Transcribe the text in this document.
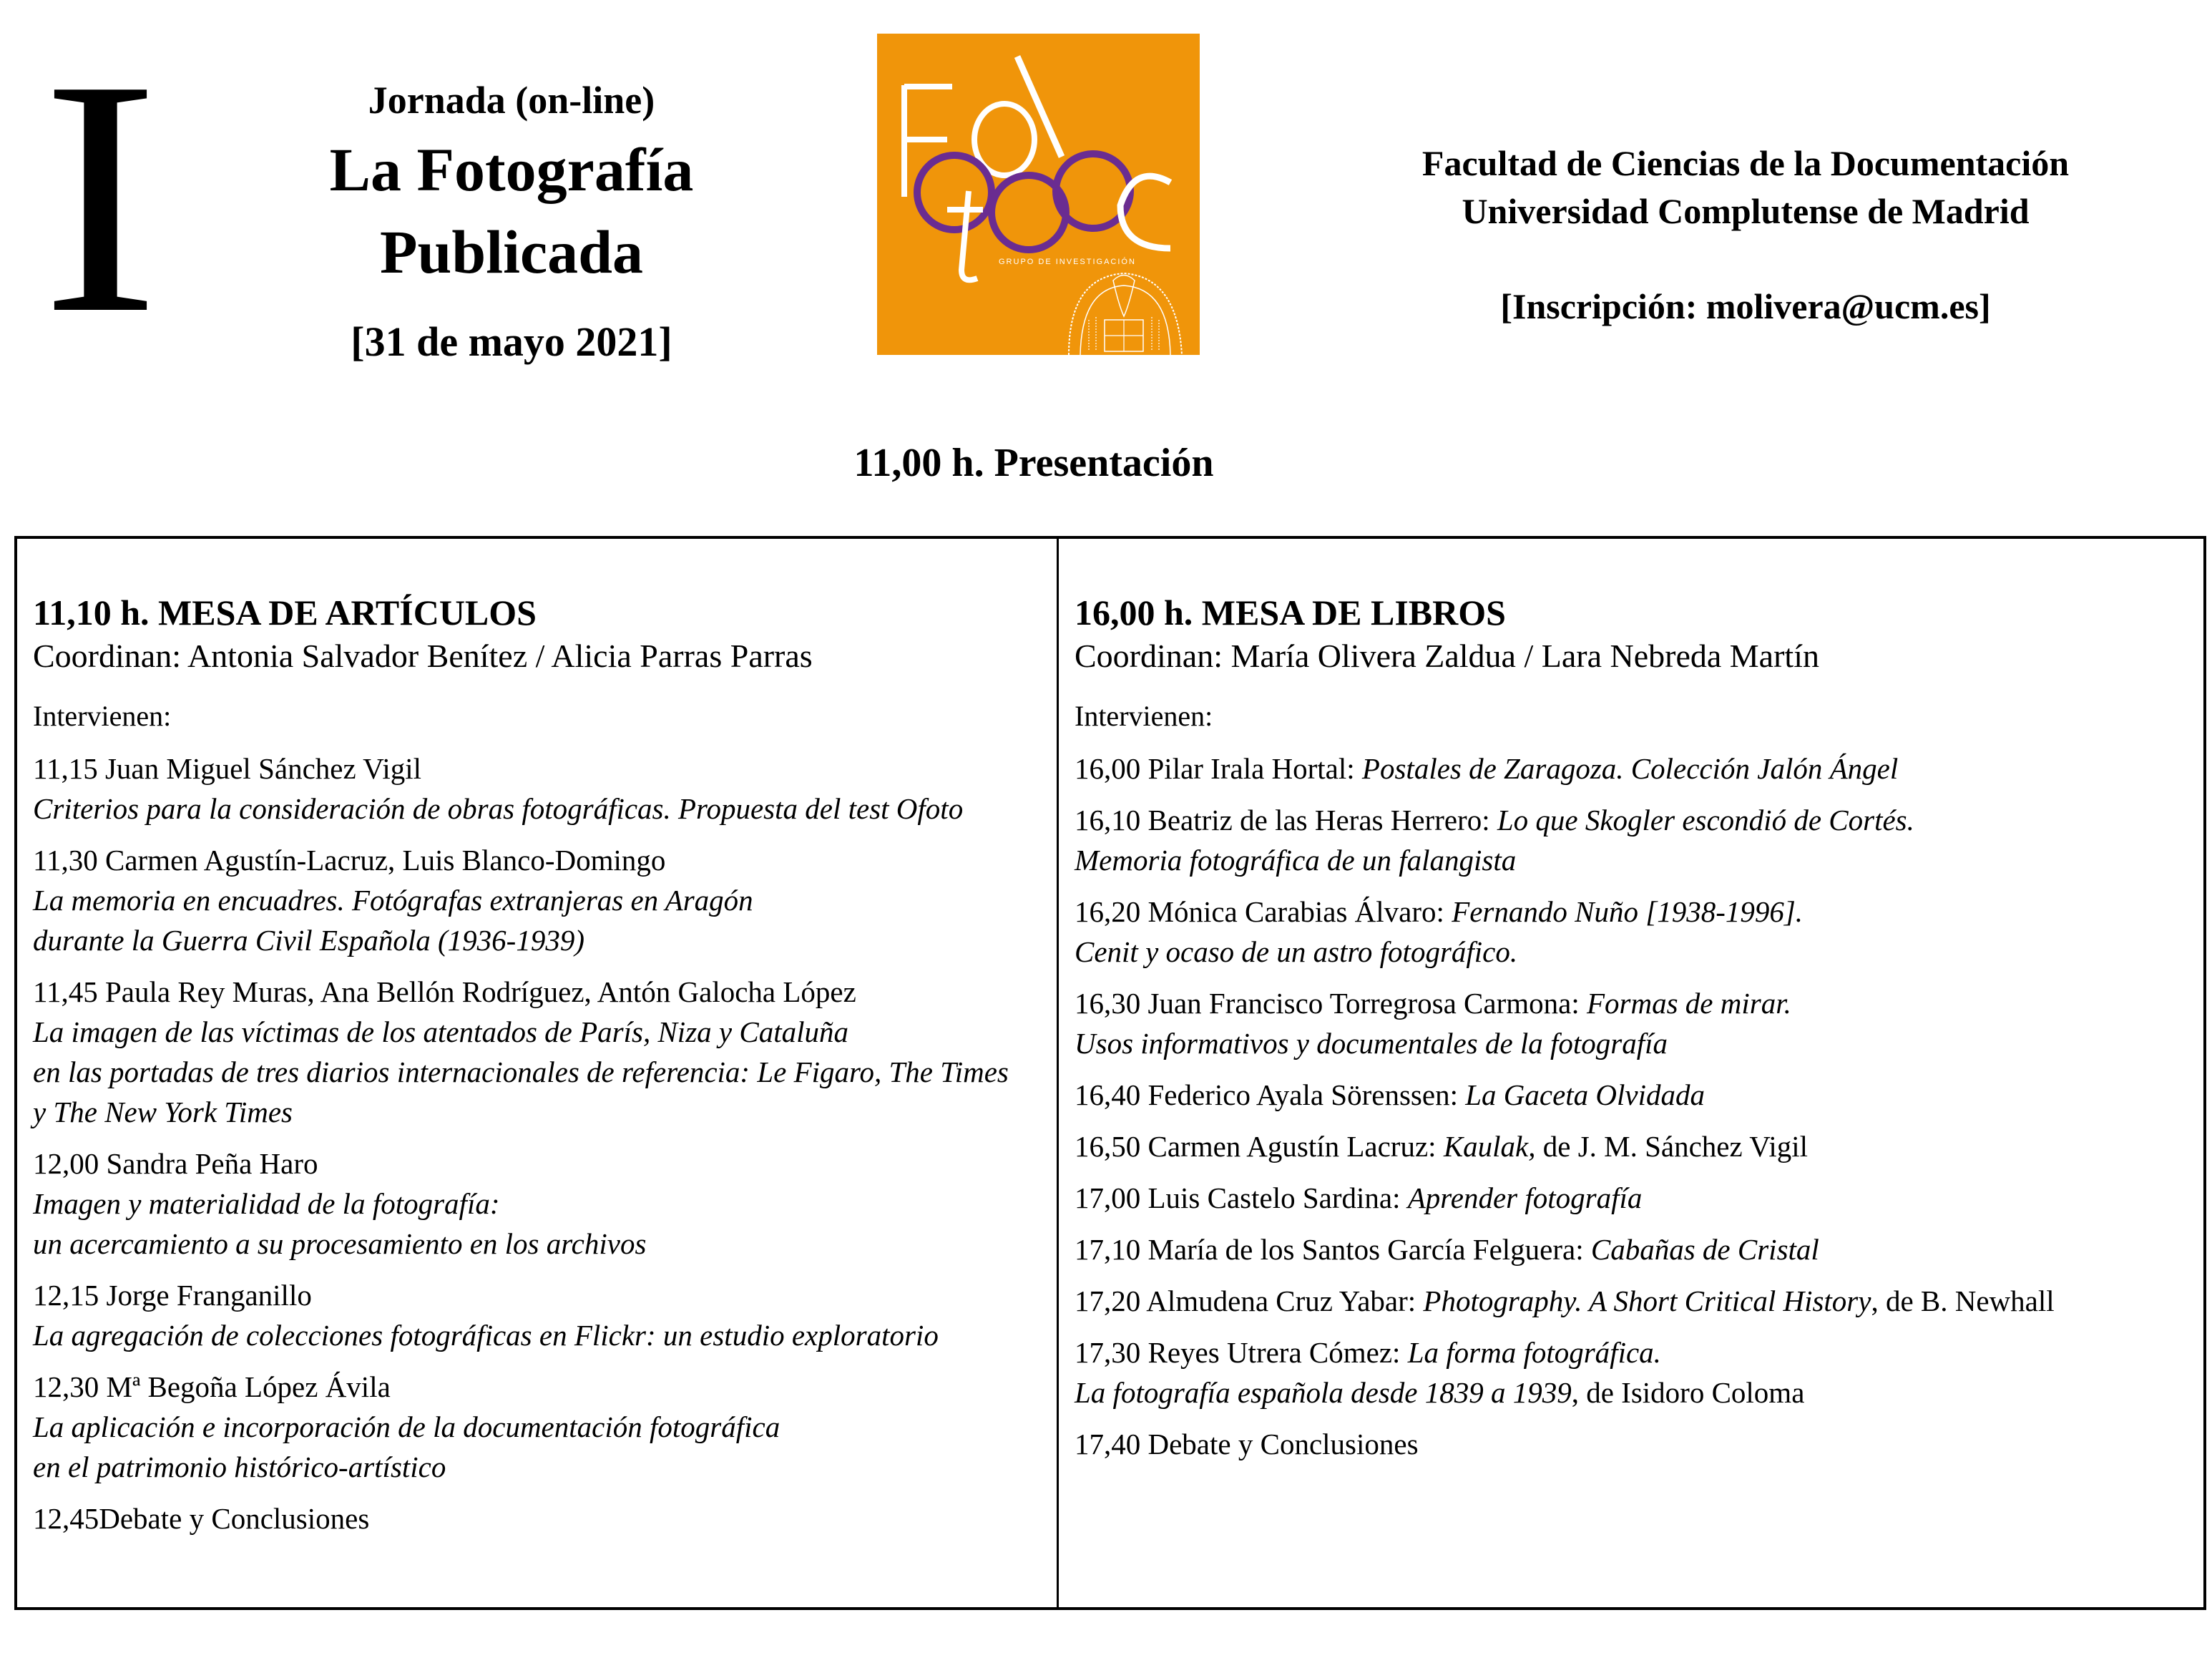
I	Jornada (on-line)
La Fotografía
Publicada
[31 de mayo 2021]
GRUPO DE INVESTIGACIÓN
Facultad de Ciencias de la Documentación
Universidad Complutense de Madrid
[Inscripción: molivera@ucm.es]
11,00 h. Presentación
11,10 h. MESA DE ARTÍCULOS
Coordinan: Antonia Salvador Benítez / Alicia Parras Parras
Intervienen:
11,15 Juan Miguel Sánchez Vigil
Criterios para la consideración de obras fotográficas. Propuesta del test Ofoto
11,30 Carmen Agustín-Lacruz, Luis Blanco-Domingo
La memoria en encuadres. Fotógrafas extranjeras en Aragón
durante la Guerra Civil Española (1936-1939)
11,45 Paula Rey Muras, Ana Bellón Rodríguez, Antón Galocha López
La imagen de las víctimas de los atentados de París, Niza y Cataluña
en las portadas de tres diarios internacionales de referencia: Le Figaro, The Times
y The New York Times
12,00 Sandra Peña Haro
Imagen y materialidad de la fotografía:
un acercamiento a su procesamiento en los archivos
12,15 Jorge Franganillo
La agregación de colecciones fotográficas en Flickr: un estudio exploratorio
12,30 Mª Begoña López Ávila
La aplicación e incorporación de la documentación fotográfica
en el patrimonio histórico-artístico
12,45Debate y Conclusiones
16,00 h. MESA DE LIBROS
Coordinan: María Olivera Zaldua / Lara Nebreda Martín
Intervienen:
16,00 Pilar Irala Hortal: Postales de Zaragoza. Colección Jalón Ángel
16,10 Beatriz de las Heras Herrero: Lo que Skogler escondió de Cortés.
Memoria fotográfica de un falangista
16,20 Mónica Carabias Álvaro: Fernando Nuño [1938-1996].
Cenit y ocaso de un astro fotográfico.
16,30 Juan Francisco Torregrosa Carmona: Formas de mirar.
Usos informativos y documentales de la fotografía
16,40 Federico Ayala Sörenssen: La Gaceta Olvidada
16,50 Carmen Agustín Lacruz: Kaulak, de J. M. Sánchez Vigil
17,00 Luis Castelo Sardina: Aprender fotografía
17,10 María de los Santos García Felguera: Cabañas de Cristal
17,20 Almudena Cruz Yabar: Photography. A Short Critical History, de B. Newhall
17,30 Reyes Utrera Cómez: La forma fotográfica.
La fotografía española desde 1839 a 1939, de Isidoro Coloma
17,40 Debate y Conclusiones
